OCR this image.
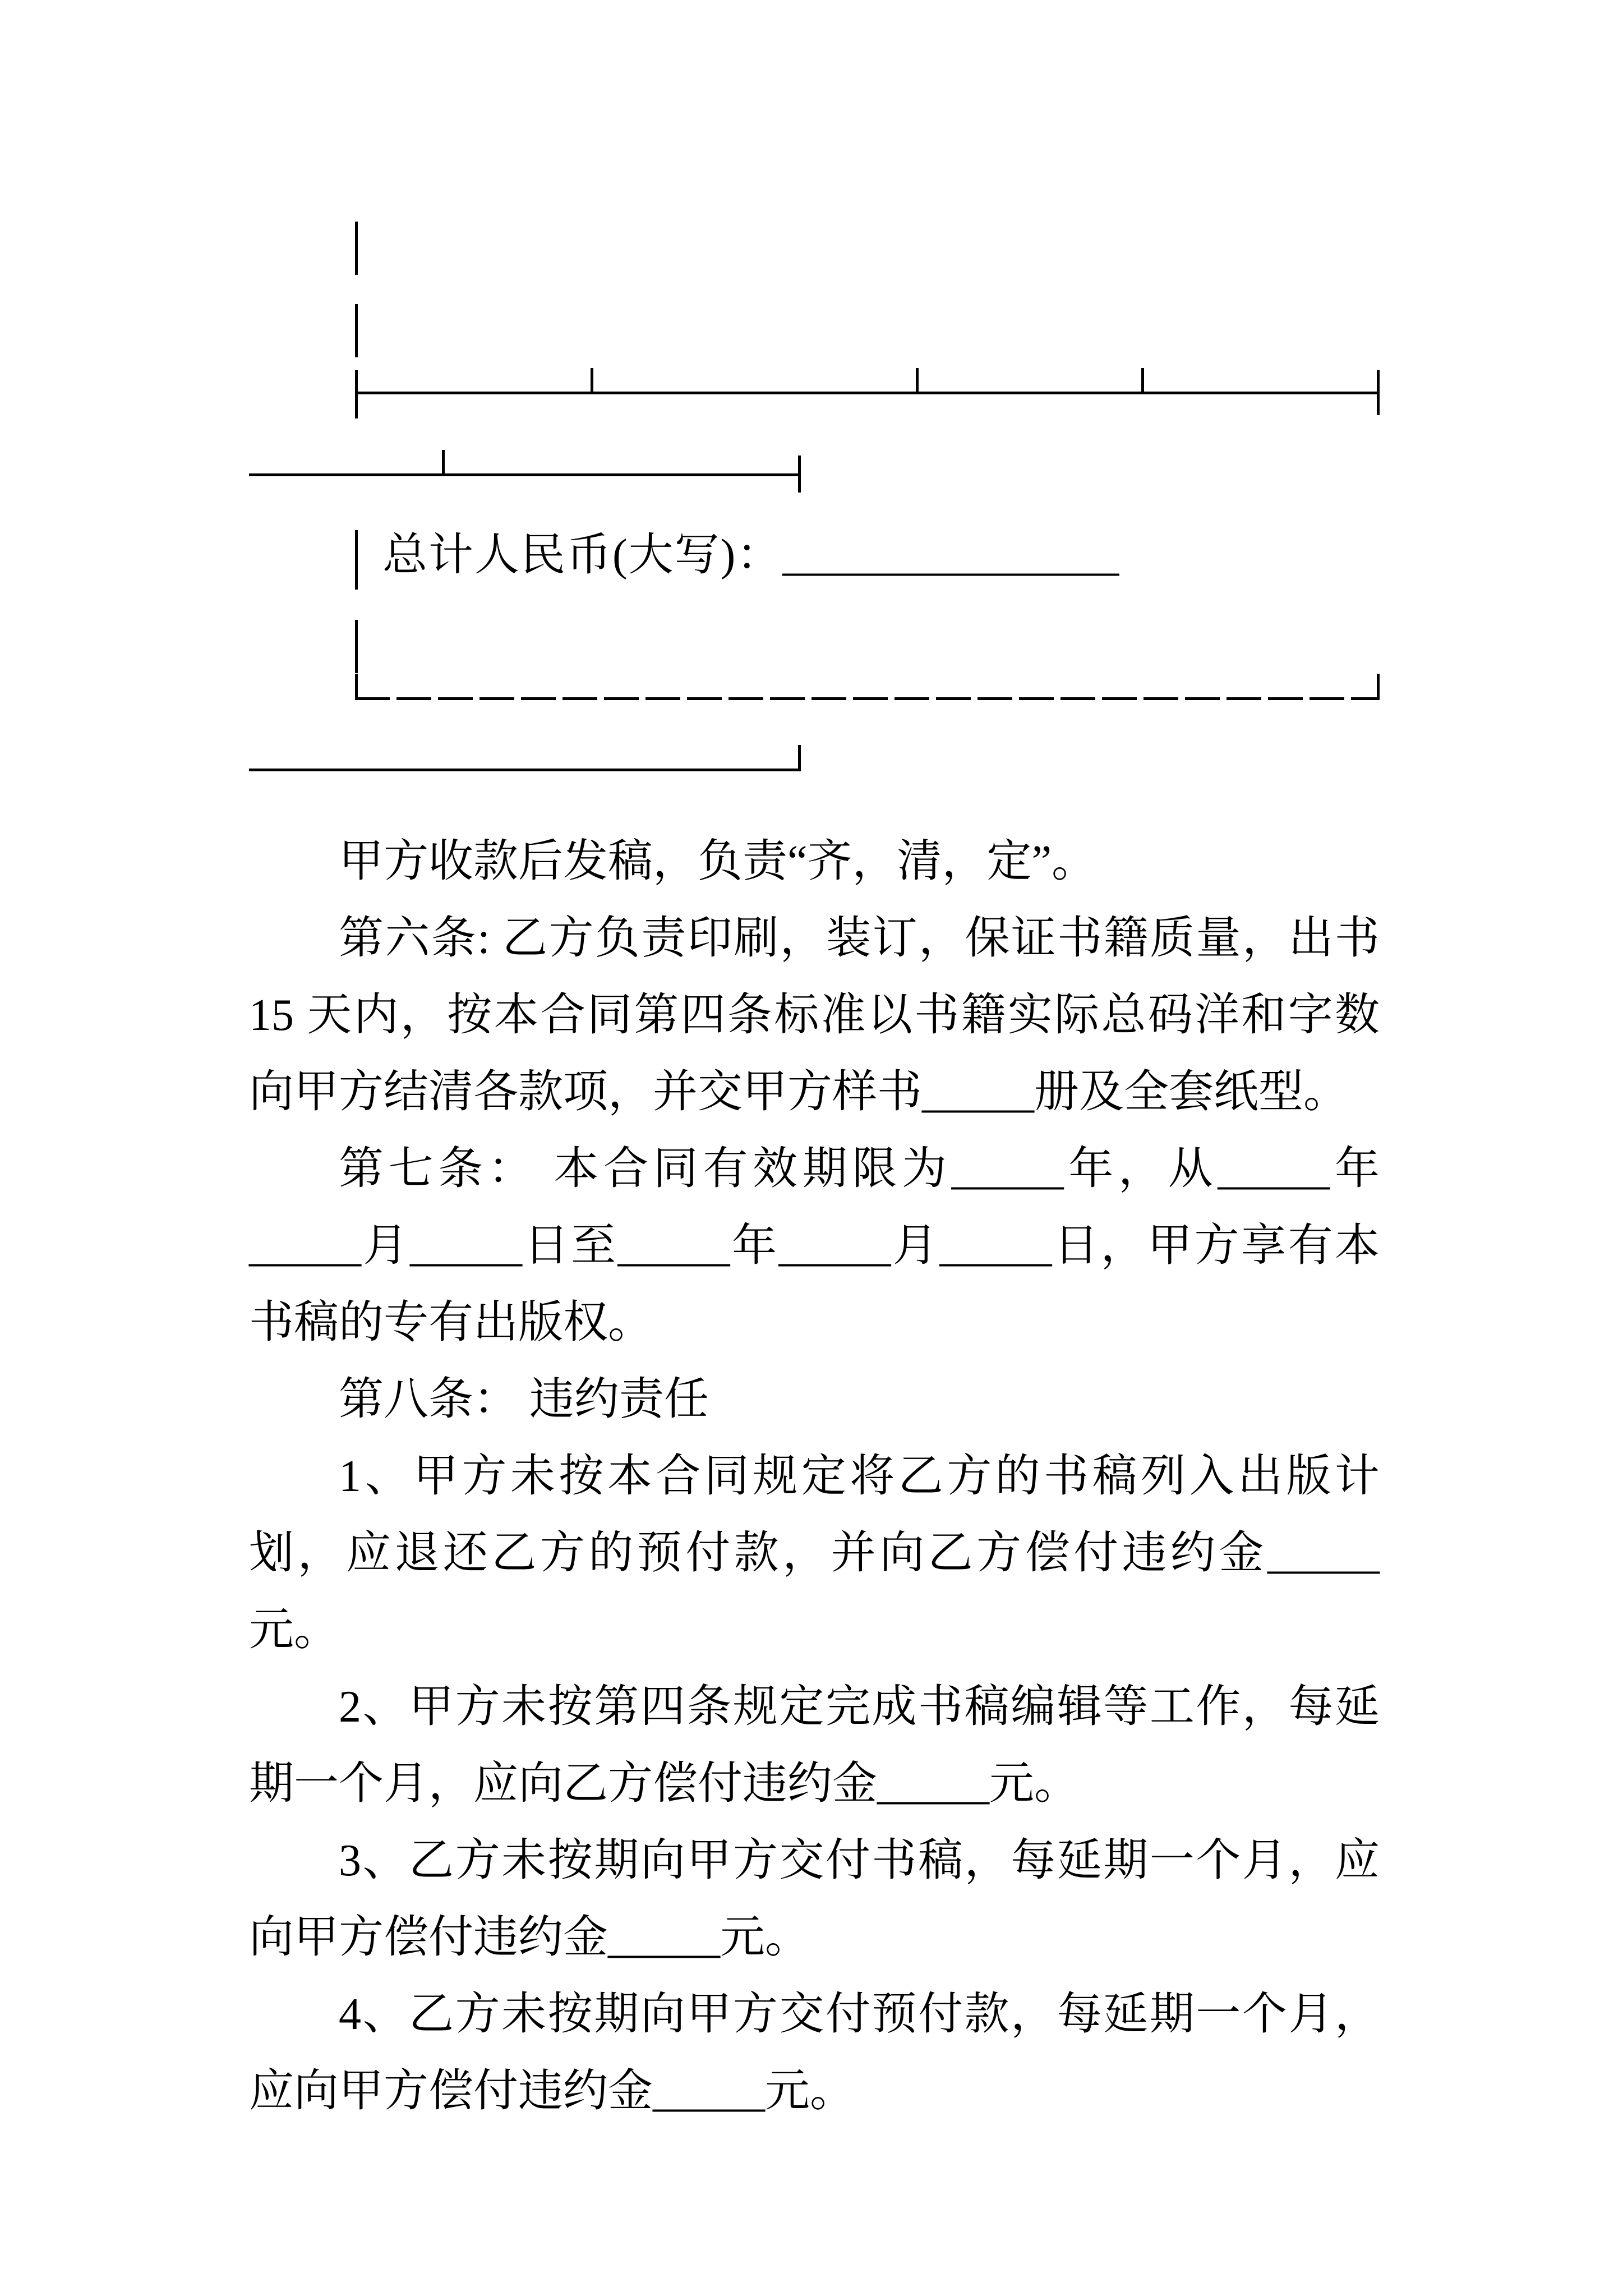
总计人民币(大写)：_______________

甲方收款后发稿，负责“齐，清，定”。

第六条: 乙方负责印刷，装订，保证书籍质量，出书 15 天内，按本合同第四条标准以书籍实际总码洋和字数向甲方结清各款项，并交甲方样书_____册及全套纸型。

第七条： 本合同有效期限为_____年，从_____年_____月_____日至_____年_____月_____日，甲方享有本书稿的专有出版权。

第八条： 违约责任

1、甲方未按本合同规定将乙方的书稿列入出版计划，应退还乙方的预付款，并向乙方偿付违约金_____元。

2、甲方未按第四条规定完成书稿编辑等工作，每延期一个月，应向乙方偿付违约金_____元。

3、乙方未按期向甲方交付书稿，每延期一个月，应向甲方偿付违约金_____元。

4、乙方未按期向甲方交付预付款，每延期一个月，应向甲方偿付违约金_____元。
